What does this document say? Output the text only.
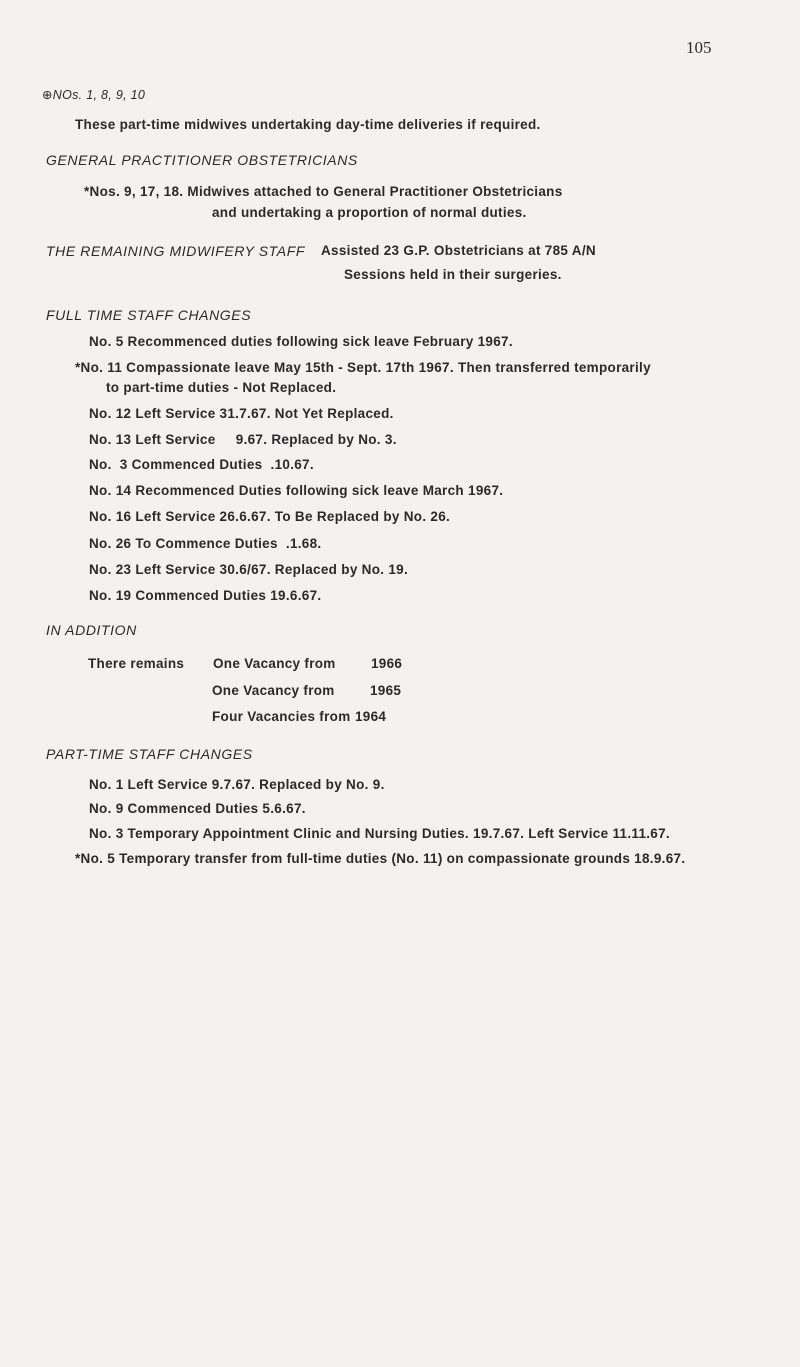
105
⊕NOs. 1, 8, 9, 10
These part-time midwives undertaking day-time deliveries if required.
GENERAL PRACTITIONER OBSTETRICIANS
*Nos. 9, 17, 18. Midwives attached to General Practitioner Obstetricians
and undertaking a proportion of normal duties.
THE REMAINING MIDWIFERY STAFF Assisted 23 G.P. Obstetricians at 785 A/N
Sessions held in their surgeries.
FULL TIME STAFF CHANGES
No. 5 Recommenced duties following sick leave February 1967.
*No. 11 Compassionate leave May 15th - Sept. 17th 1967. Then transferred temporarily
to part-time duties - Not Replaced.
No. 12 Left Service 31.7.67. Not Yet Replaced.
No. 13 Left Service     9.67. Replaced by No. 3.
No.  3 Commenced Duties  .10.67.
No. 14 Recommenced Duties following sick leave March 1967.
No. 16 Left Service 26.6.67. To Be Replaced by No. 26.
No. 26 To Commence Duties  .1.68.
No. 23 Left Service 30.6/67. Replaced by No. 19.
No. 19 Commenced Duties 19.6.67.
IN ADDITION
There remains One Vacancy from	1966
One Vacancy from	1965
Four Vacancies from 1964
PART-TIME STAFF CHANGES
No. 1 Left Service 9.7.67. Replaced by No. 9.
No. 9 Commenced Duties 5.6.67.
No. 3 Temporary Appointment Clinic and Nursing Duties. 19.7.67. Left Service 11.11.67.
*No. 5 Temporary transfer from full-time duties (No. 11) on compassionate grounds 18.9.67.
